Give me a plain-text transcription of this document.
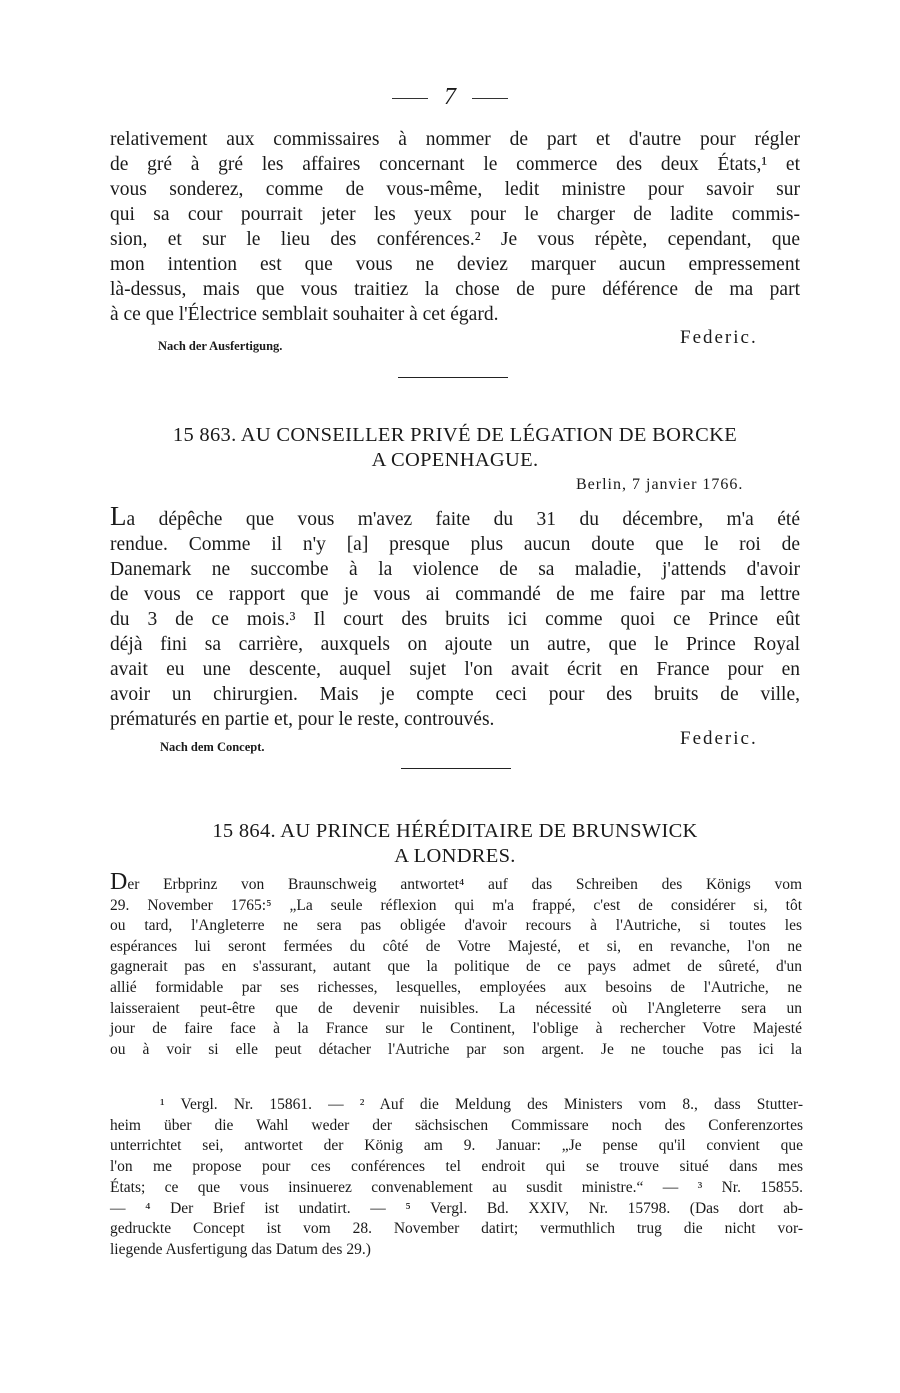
7
relativement aux commissaires à nommer de part et d'autre pour régler
de gré à gré les affaires concernant le commerce des deux États,¹ et
vous sonderez, comme de vous-même, ledit ministre pour savoir sur
qui sa cour pourrait jeter les yeux pour le charger de ladite commis-
sion, et sur le lieu des conférences.² Je vous répète, cependant, que
mon intention est que vous ne deviez marquer aucun empressement
là-dessus, mais que vous traitiez la chose de pure déférence de ma part
à ce que l'Électrice semblait souhaiter à cet égard.
Nach der Ausfertigung.	Federic.
15 863. AU CONSEILLER PRIVÉ DE LÉGATION DE BORCKE
A COPENHAGUE.
Berlin, 7 janvier 1766.
La dépêche que vous m'avez faite du 31 du décembre, m'a été
rendue. Comme il n'y [a] presque plus aucun doute que le roi de
Danemark ne succombe à la violence de sa maladie, j'attends d'avoir
de vous ce rapport que je vous ai commandé de me faire par ma lettre
du 3 de ce mois.³ Il court des bruits ici comme quoi ce Prince eût
déjà fini sa carrière, auxquels on ajoute un autre, que le Prince Royal
avait eu une descente, auquel sujet l'on avait écrit en France pour en
avoir un chirurgien. Mais je compte ceci pour des bruits de ville,
prématurés en partie et, pour le reste, controuvés.
Nach dem Concept.	Federic.
15 864. AU PRINCE HÉRÉDITAIRE DE BRUNSWICK
A LONDRES.
Der Erbprinz von Braunschweig antwortet⁴ auf das Schreiben des Königs vom
29. November 1765:⁵ „La seule réflexion qui m'a frappé, c'est de considérer si, tôt
ou tard, l'Angleterre ne sera pas obligée d'avoir recours à l'Autriche, si toutes les
espérances lui seront fermées du côté de Votre Majesté, et si, en revanche, l'on ne
gagnerait pas en s'assurant, autant que la politique de ce pays admet de sûreté, d'un
allié formidable par ses richesses, lesquelles, employées aux besoins de l'Autriche, ne
laisseraient peut-être que de devenir nuisibles. La nécessité où l'Angleterre sera un
jour de faire face à la France sur le Continent, l'oblige à rechercher Votre Majesté
ou à voir si elle peut détacher l'Autriche par son argent. Je ne touche pas ici la
¹ Vergl. Nr. 15861. — ² Auf die Meldung des Ministers vom 8., dass Stutter-
heim über die Wahl weder der sächsischen Commissare noch des Conferenzortes
unterrichtet sei, antwortet der König am 9. Januar: „Je pense qu'il convient que
l'on me propose pour ces conférences tel endroit qui se trouve situé dans mes
États; ce que vous insinuerez convenablement au susdit ministre.“ — ³ Nr. 15855.
— ⁴ Der Brief ist undatirt. — ⁵ Vergl. Bd. XXIV, Nr. 15798. (Das dort ab-
gedruckte Concept ist vom 28. November datirt; vermuthlich trug die nicht vor-
liegende Ausfertigung das Datum des 29.)
